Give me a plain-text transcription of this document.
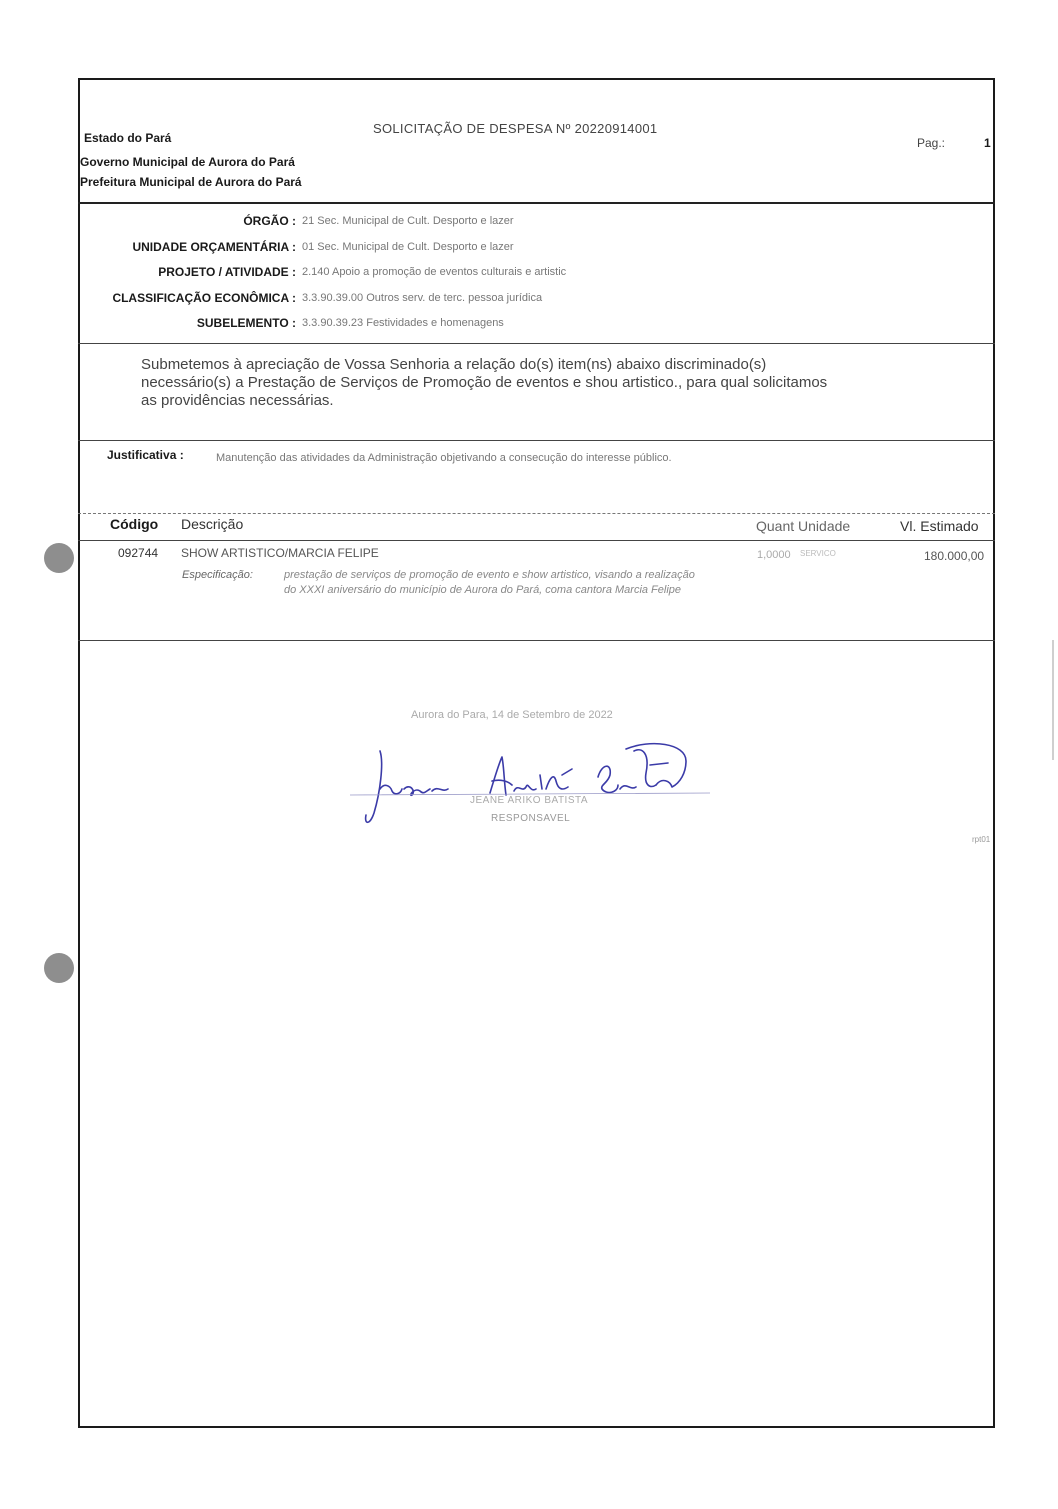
Estado do Pará
SOLICITAÇÃO DE DESPESA Nº 20220914001
Pag.:	1
Governo Municipal de Aurora do Pará
Prefeitura Municipal de Aurora do Pará
ÓRGÃO : 21 Sec. Municipal de Cult. Desporto e lazer
UNIDADE ORÇAMENTÁRIA : 01 Sec. Municipal de Cult. Desporto e lazer
PROJETO / ATIVIDADE : 2.140 Apoio a promoção de eventos culturais e artistic
CLASSIFICAÇÃO ECONÔMICA : 3.3.90.39.00 Outros serv. de terc. pessoa jurídica
SUBELEMENTO : 3.3.90.39.23 Festividades e homenagens
Submetemos à apreciação de Vossa Senhoria a relação do(s) item(ns) abaixo discriminado(s)
necessário(s) a Prestação de Serviços de Promoção de eventos e shou artistico., para qual solicitamos
as providências necessárias.
Justificativa :	Manutenção das atividades da Administração objetivando a consecução do interesse público.
Código Descrição	Quant Unidade	Vl. Estimado
092744 SHOW ARTISTICO/MARCIA FELIPE	1,0000 SERVICO	180.000,00
Especificação:	prestação de serviços de promoção de evento e show artistico, visando a realização
do XXXI aniversário do município de Aurora do Pará, coma cantora Marcia Felipe
Aurora do Para, 14 de Setembro de 2022
JEANE ARIKO BATISTA
RESPONSAVEL
rpt01
